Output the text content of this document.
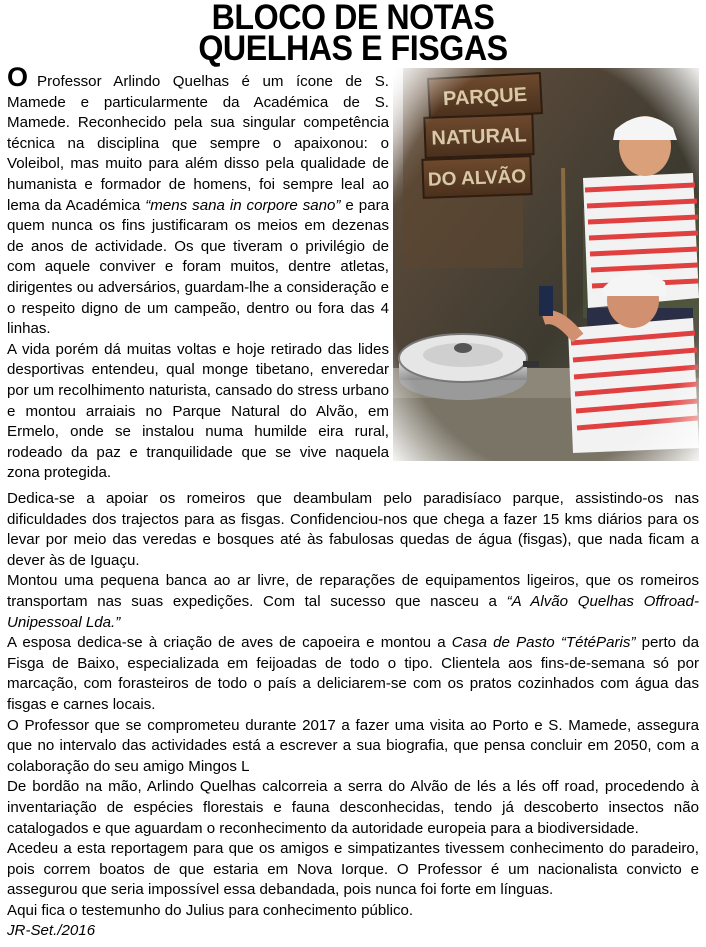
BLOCO DE NOTAS
QUELHAS E FISGAS

O Professor Arlindo Quelhas é um ícone de S. Mamede e particularmente da Académica de S. Mamede. Reconhecido pela sua singular competência técnica na disciplina que sempre o apaixonou: o Voleibol, mas muito para além disso pela qualidade de humanista e formador de homens, foi sempre leal ao lema da Académica “mens sana in corpore sano” e para quem nunca os fins justificaram os meios em dezenas de anos de actividade. Os que tiveram o privilégio de com aquele conviver e foram muitos, dentre atletas, dirigentes ou adversários, guardam-lhe a consideração e o respeito digno de um campeão, dentro ou fora das 4 linhas.

A vida porém dá muitas voltas e hoje retirado das lides desportivas entendeu, qual monge tibetano, enveredar por um recolhimento naturista, cansado do stress urbano e montou arraiais no Parque Natural do Alvão, em Ermelo, onde se instalou numa humilde eira rural, rodeado da paz e tranquilidade que se vive naquela zona protegida.

Dedica-se a apoiar os romeiros que deambulam pelo paradisíaco parque, assistindo-os nas dificuldades dos trajectos para as fisgas. Confidenciou-nos que chega a fazer 15 kms diários para os levar por meio das veredas e bosques até às fabulosas quedas de água (fisgas), que nada ficam a dever às de Iguaçu.

Montou uma pequena banca ao ar livre, de reparações de equipamentos ligeiros, que os romeiros transportam nas suas expedições. Com tal sucesso que nasceu a “A Alvão Quelhas Offroad-Unipessoal Lda.”

A esposa dedica-se à criação de aves de capoeira e montou a Casa de Pasto “TétéParis” perto da Fisga de Baixo, especializada em feijoadas de todo o tipo. Clientela aos fins-de-semana só por marcação, com forasteiros de todo o país a deliciarem-se com os pratos cozinhados com água das fisgas e carnes locais.

O Professor que se comprometeu durante 2017 a fazer uma visita ao Porto e S. Mamede, assegura que no intervalo das actividades está a escrever a sua biografia, que pensa concluir em 2050, com a colaboração do seu amigo Mingos L

De bordão na mão, Arlindo Quelhas calcorreia a serra do Alvão de lés a lés off road, procedendo à inventariação de espécies florestais e fauna desconhecidas, tendo já descoberto insectos não catalogados e que aguardam o reconhecimento da autoridade europeia para a biodiversidade.

Acedeu a esta reportagem para que os amigos e simpatizantes tivessem conhecimento do paradeiro, pois correm boatos de que estaria em Nova Iorque. O Professor é um nacionalista convicto e assegurou que seria impossível essa debandada, pois nunca foi forte em línguas.

Aqui fica o testemunho do Julius para conhecimento público.

JR-Set./2016
